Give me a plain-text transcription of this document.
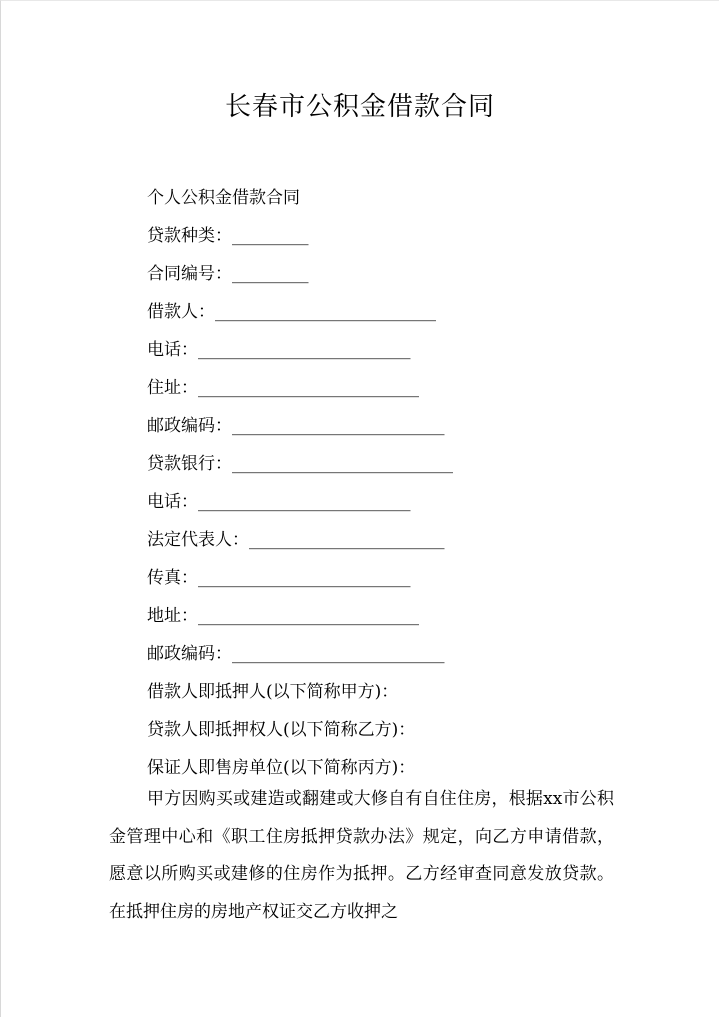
长春市公积金借款合同
个人公积金借款合同
贷款种类：_________
合同编号：_________
借款人：__________________________
电话：_________________________
住址：__________________________
邮政编码：_________________________
贷款银行：__________________________
电话：_________________________
法定代表人：_______________________
传真：_________________________
地址：__________________________
邮政编码：_________________________
借款人即抵押人(以下简称甲方)：
贷款人即抵押权人(以下简称乙方)：
保证人即售房单位(以下简称丙方)：
甲方因购买或建造或翻建或大修自有自住住房，根据xx市公积金管理中心和《职工住房抵押贷款办法》规定，向乙方申请借款，愿意以所购买或建修的住房作为抵押。乙方经审查同意发放贷款。在抵押住房的房地产权证交乙方收押之
